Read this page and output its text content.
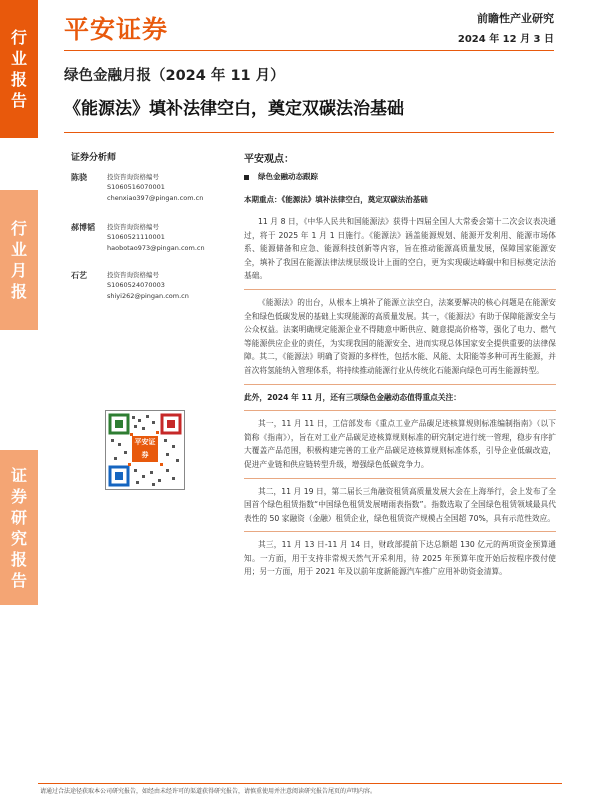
行
业
报
告
行
业
月
报
证
券
研
究
报
告
平安证券	前瞻性产业研究
2024 年 12 月 3 日
绿色金融月报（2024 年 11 月）
《能源法》填补法律空白，奠定双碳法治基础
证券分析师
陈骁	投资咨询资格编号
S1060516070001
chenxiao397@pingan.com.cn
郝博韬 投资咨询资格编号
S1060521110001
haobotao973@pingan.com.cn
石艺	投资咨询资格编号
S1060524070003
shiyi262@pingan.com.cn
平安证券
平安观点：
绿色金融动态跟踪
本期重点：《能源法》填补法律空白，奠定双碳法治基础

11 月 8 日，《中华人民共和国能源法》获得十四届全国人大常委会第十二次会议表决通过，将于 2025 年 1 月 1 日施行。《能源法》涵盖能源规划、能源开发利用、能源市场体系、能源储备和应急、能源科技创新等内容，旨在推动能源高质量发展，保障国家能源安全，填补了我国在能源法律法规层级设计上面的空白，更为实现碳达峰碳中和目标奠定法治基础。

《能源法》的出台，从根本上填补了能源立法空白，法案要解决的核心问题是在能源安全和绿色低碳发展的基础上实现能源的高质量发展。其一，《能源法》有助于保障能源安全与公众权益。法案明确规定能源企业不得随意中断供应、随意提高价格等，强化了电力、燃气等能源供应企业的责任，为实现我国的能源安全、进而实现总体国家安全提供重要的法律保障。其二，《能源法》明确了资源的多样性，包括水能、风能、太阳能等多种可再生能源，并首次将氢能纳入管理体系，将持续推动能源行业从传统化石能源向绿色可再生能源转型。

此外，2024 年 11 月，还有三项绿色金融动态值得重点关注：

其一，11 月 11 日，工信部发布《重点工业产品碳足迹核算规则标准编制指南》（以下简称《指南》），旨在对工业产品碳足迹核算规则标准的研究制定进行统一管理，稳步有序扩大覆盖产品范围，积极构建完善的工业产品碳足迹核算规则标准体系，引导企业低碳改造，促进产业链和供应链转型升级，增强绿色低碳竞争力。

其二，11 月 19 日，第二届长三角融资租赁高质量发展大会在上海举行，会上发布了全国首个绿色租赁指数“中国绿色租赁发展晴雨表指数”。指数选取了全国绿色租赁领域最具代表性的 50 家融资（金融）租赁企业，绿色租赁资产规模占全国超 70%，具有示范性效应。

其三，11 月 13 日-11 月 14 日，财政部提前下达总额超 130 亿元的两项资金预算通知。一方面，用于支持非常规天然气开采利用，待 2025 年预算年度开始后按程序拨付使用；另一方面，用于 2021 年及以前年度新能源汽车推广应用补助资金清算。

请通过合法途径获取本公司研究报告，如经由未经许可的渠道获得研究报告，请慎重使用并注意阅读研究报告尾页的声明内容。
